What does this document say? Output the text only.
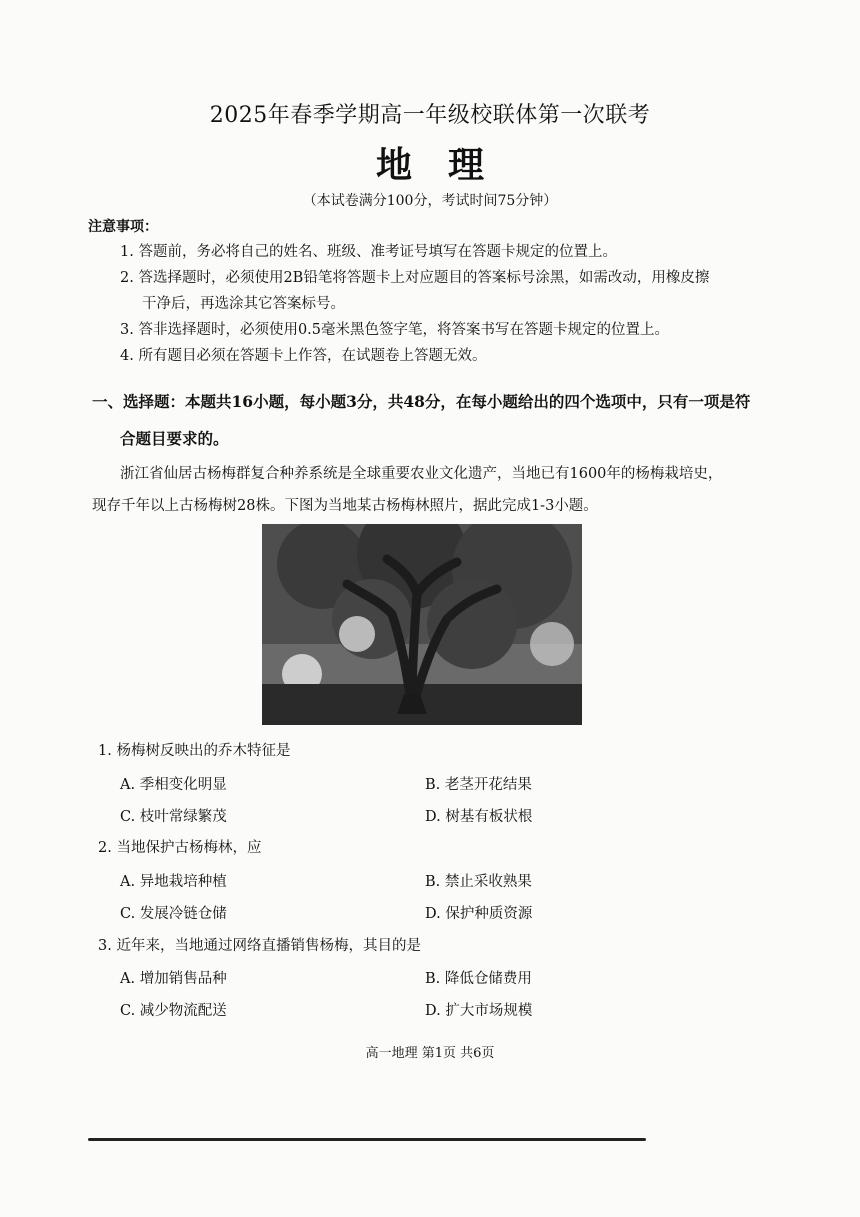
2025年春季学期高一年级校联体第一次联考
地　理
（本试卷满分100分，考试时间75分钟）
注意事项：
1. 答题前，务必将自己的姓名、班级、准考证号填写在答题卡规定的位置上。
2. 答选择题时，必须使用2B铅笔将答题卡上对应题目的答案标号涂黑，如需改动，用橡皮擦
干净后，再选涂其它答案标号。
3. 答非选择题时，必须使用0.5毫米黑色签字笔，将答案书写在答题卡规定的位置上。
4. 所有题目必须在答题卡上作答，在试题卷上答题无效。
一、选择题：本题共16小题，每小题3分，共48分，在每小题给出的四个选项中，只有一项是符
合题目要求的。
浙江省仙居古杨梅群复合种养系统是全球重要农业文化遗产，当地已有1600年的杨梅栽培史，
现存千年以上古杨梅树28株。下图为当地某古杨梅林照片，据此完成1-3小题。
1. 杨梅树反映出的乔木特征是
A. 季相变化明显	B. 老茎开花结果
C. 枝叶常绿繁茂	D. 树基有板状根
2. 当地保护古杨梅林，应
A. 异地栽培种植	B. 禁止采收熟果
C. 发展冷链仓储	D. 保护种质资源
3. 近年来，当地通过网络直播销售杨梅，其目的是
A. 增加销售品种	B. 降低仓储费用
C. 减少物流配送	D. 扩大市场规模
高一地理 第1页 共6页
